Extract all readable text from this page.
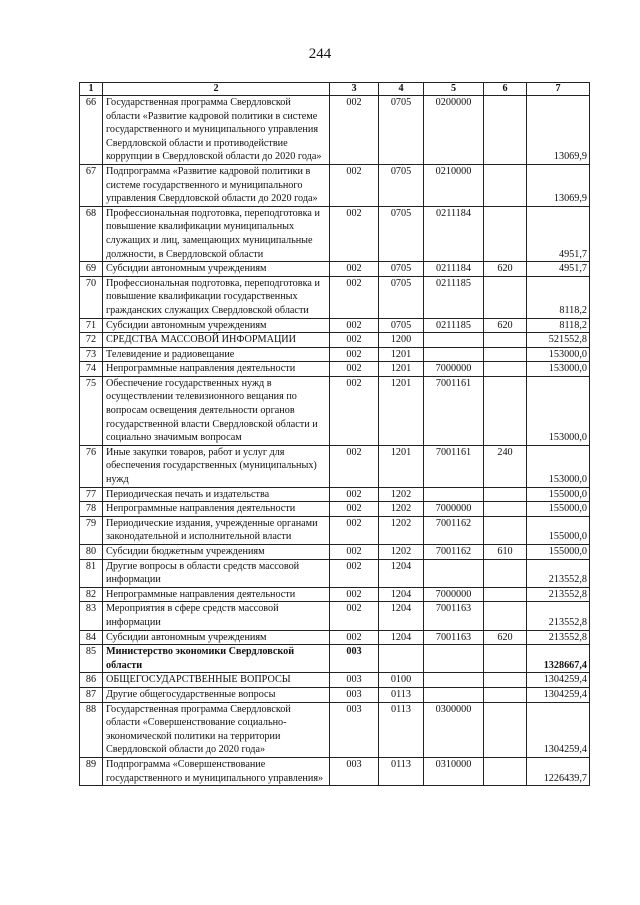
244
1	2	3	4	5	6	7
66	Государственная программа Свердловской области «Развитие кадровой политики в системе государственного и муниципального управления Свердловской области и противодействие коррупции в Свердловской области до 2020 года»	002	0705	0200000		13069,9
67	Подпрограмма «Развитие кадровой политики в системе государственного и муниципального управления Свердловской области до 2020 года»	002	0705	0210000		13069,9
68	Профессиональная подготовка, переподготовка и повышение квалификации муниципальных служащих и лиц, замещающих муниципальные должности, в Свердловской области	002	0705	0211184		4951,7
69	Субсидии автономным учреждениям	002	0705	0211184	620	4951,7
70	Профессиональная подготовка, переподготовка и повышение квалификации государственных гражданских служащих Свердловской области	002	0705	0211185		8118,2
71	Субсидии автономным учреждениям	002	0705	0211185	620	8118,2
72	СРЕДСТВА МАССОВОЙ ИНФОРМАЦИИ	002	1200			521552,8
73	Телевидение и радиовещание	002	1201			153000,0
74	Непрограммные направления деятельности	002	1201	7000000		153000,0
75	Обеспечение государственных нужд в осуществлении телевизионного вещания по вопросам освещения деятельности органов государственной власти Свердловской области и социально значимым вопросам	002	1201	7001161		153000,0
76	Иные закупки товаров, работ и услуг для обеспечения государственных (муниципальных) нужд	002	1201	7001161	240	153000,0
77	Периодическая печать и издательства	002	1202			155000,0
78	Непрограммные направления деятельности	002	1202	7000000		155000,0
79	Периодические издания, учрежденные органами законодательной и исполнительной власти	002	1202	7001162		155000,0
80	Субсидии бюджетным учреждениям	002	1202	7001162	610	155000,0
81	Другие вопросы в области средств массовой информации	002	1204			213552,8
82	Непрограммные направления деятельности	002	1204	7000000		213552,8
83	Мероприятия в сфере средств массовой информации	002	1204	7001163		213552,8
84	Субсидии автономным учреждениям	002	1204	7001163	620	213552,8
85	Министерство экономики Свердловской области	003				1328667,4
86	ОБЩЕГОСУДАРСТВЕННЫЕ ВОПРОСЫ	003	0100			1304259,4
87	Другие общегосударственные вопросы	003	0113			1304259,4
88	Государственная программа Свердловской области «Совершенствование социально-экономической политики на территории Свердловской области до 2020 года»	003	0113	0300000		1304259,4
89	Подпрограмма «Совершенствование государственного и муниципального управления»	003	0113	0310000		1226439,7
